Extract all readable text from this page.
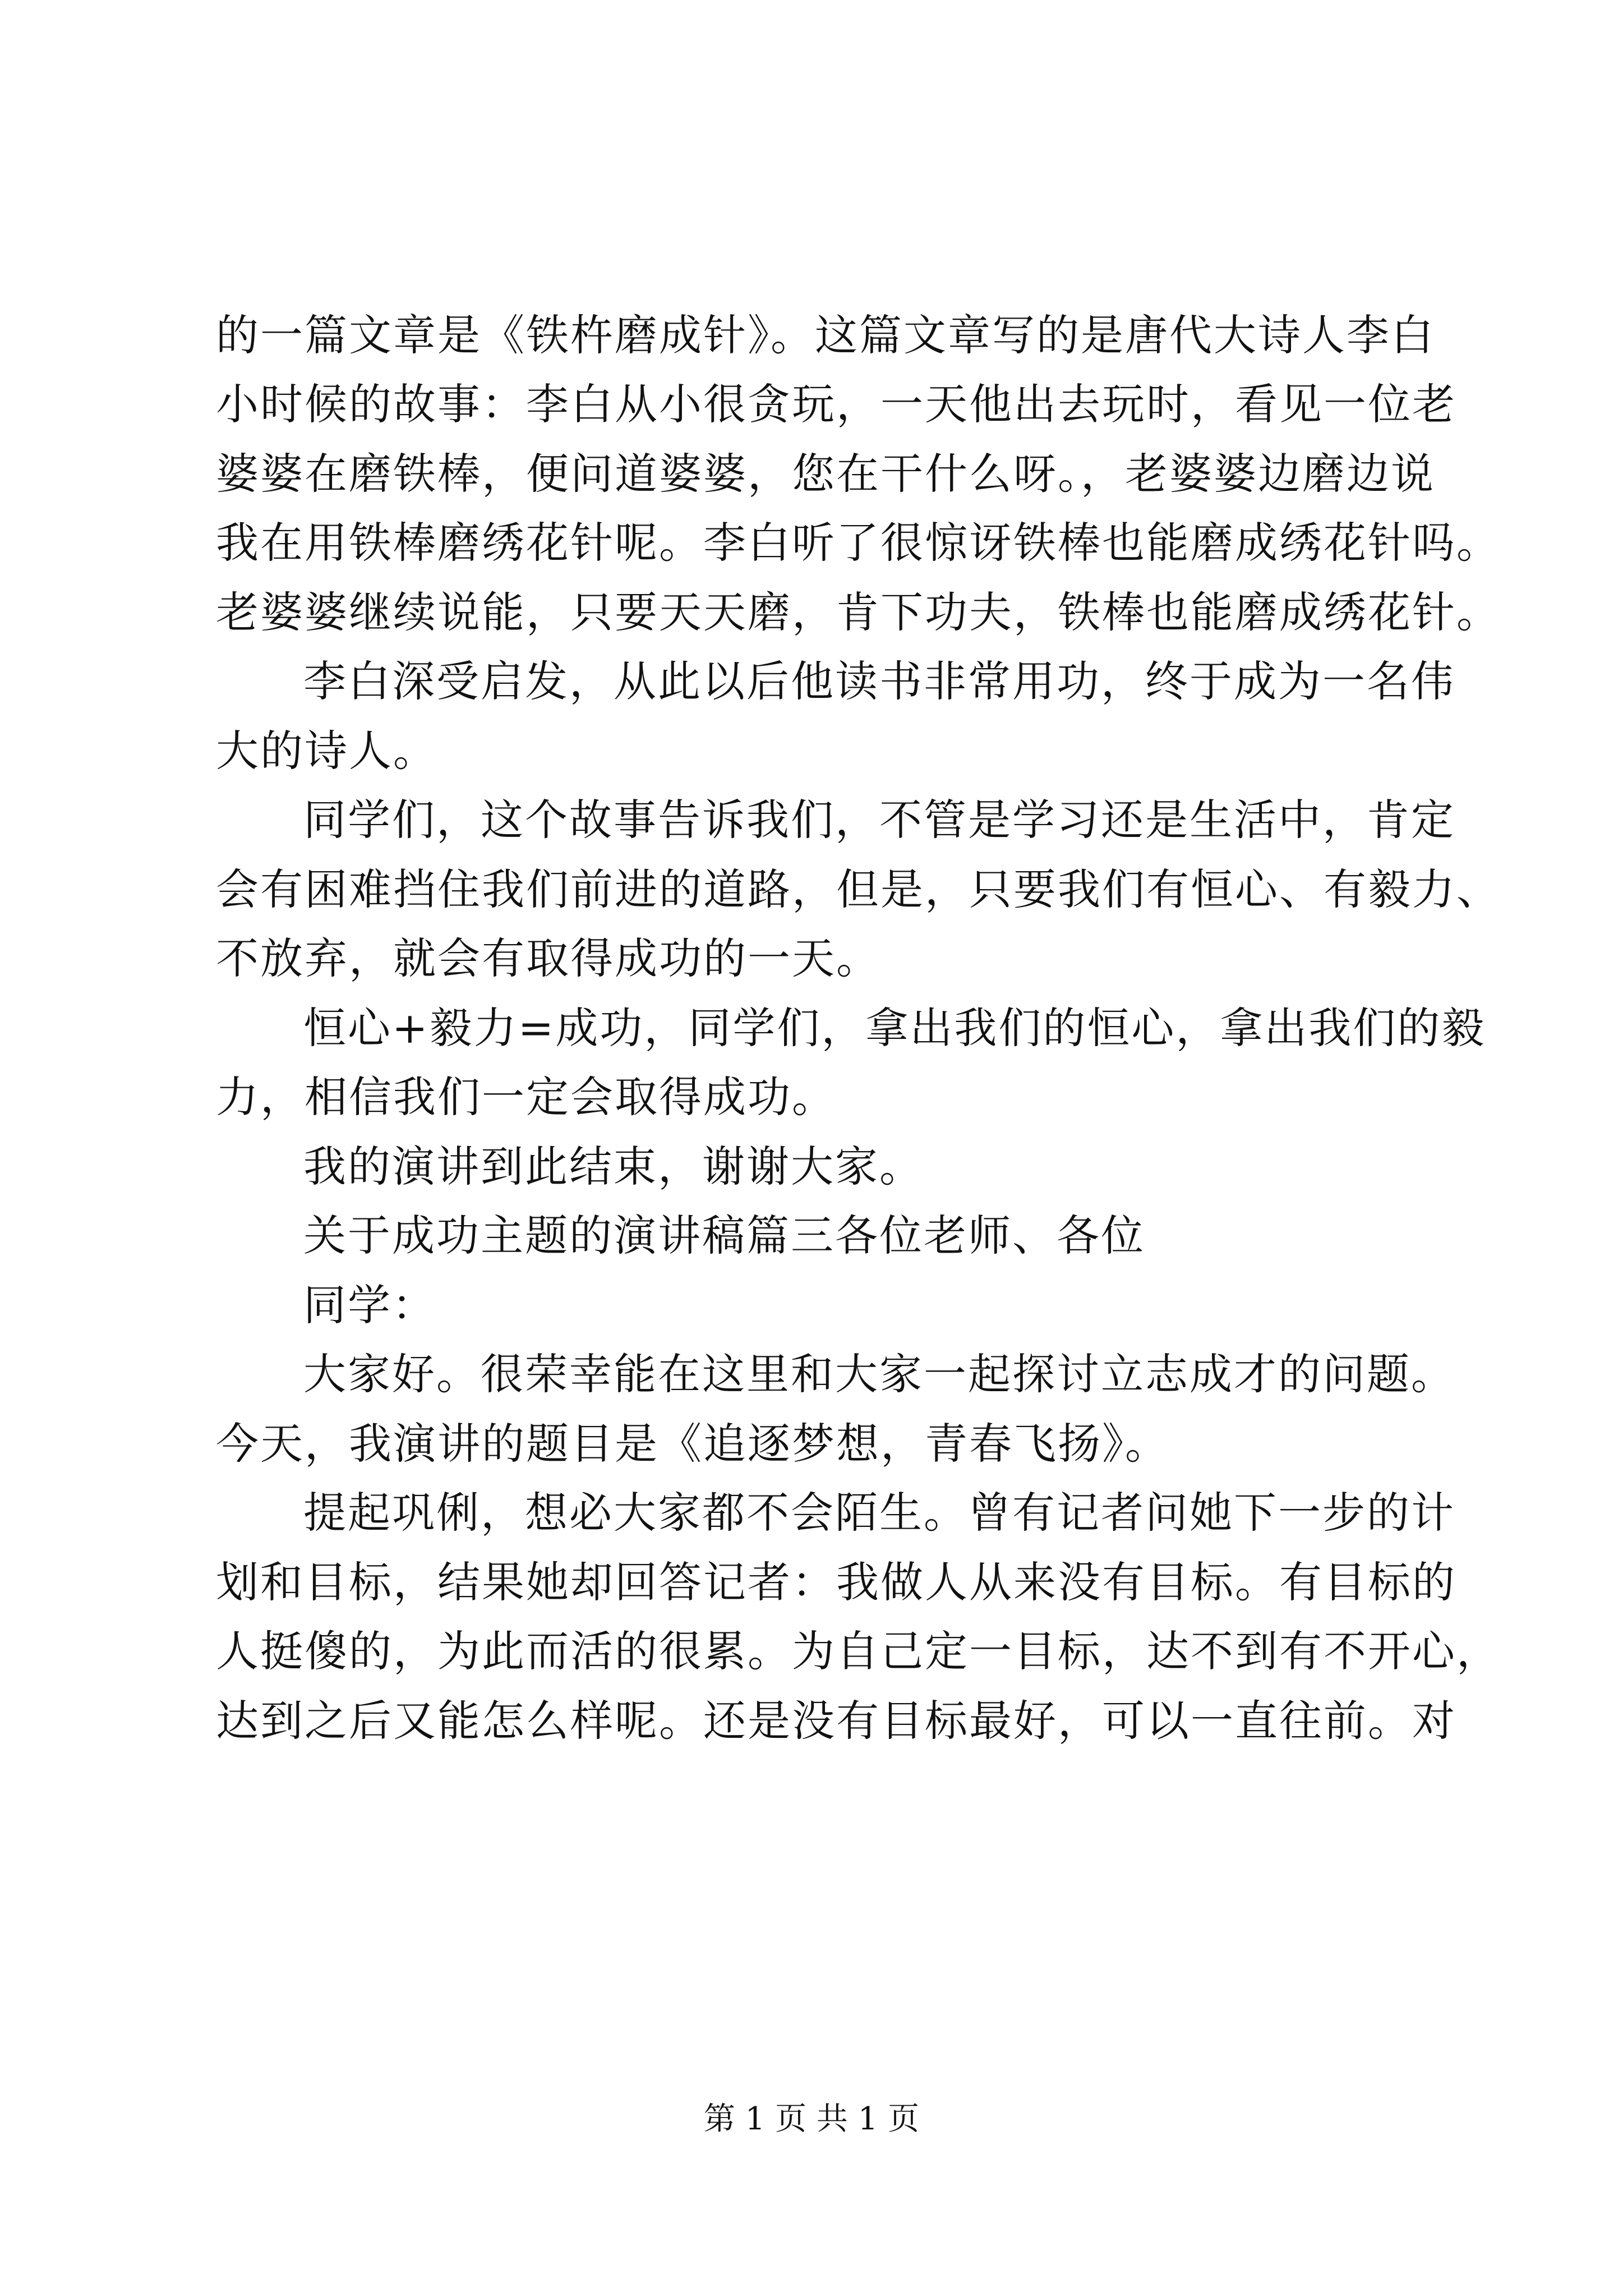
的一篇文章是《铁杵磨成针》。这篇文章写的是唐代大诗人李白
小时候的故事：李白从小很贪玩，一天他出去玩时，看见一位老
婆婆在磨铁棒，便问道婆婆，您在干什么呀。，老婆婆边磨边说
我在用铁棒磨绣花针呢。李白听了很惊讶铁棒也能磨成绣花针吗。
老婆婆继续说能，只要天天磨，肯下功夫，铁棒也能磨成绣花针。
李白深受启发，从此以后他读书非常用功，终于成为一名伟
大的诗人。
同学们，这个故事告诉我们，不管是学习还是生活中，肯定
会有困难挡住我们前进的道路，但是，只要我们有恒心、有毅力、
不放弃，就会有取得成功的一天。
恒心+毅力=成功，同学们，拿出我们的恒心，拿出我们的毅
力，相信我们一定会取得成功。
我的演讲到此结束，谢谢大家。
关于成功主题的演讲稿篇三各位老师、各位
同学：
大家好。很荣幸能在这里和大家一起探讨立志成才的问题。
今天，我演讲的题目是《追逐梦想，青春飞扬》。
提起巩俐，想必大家都不会陌生。曾有记者问她下一步的计
划和目标，结果她却回答记者：我做人从来没有目标。有目标的
人挺傻的，为此而活的很累。为自己定一目标，达不到有不开心，
达到之后又能怎么样呢。还是没有目标最好，可以一直往前。对
第 1 页 共 1 页
